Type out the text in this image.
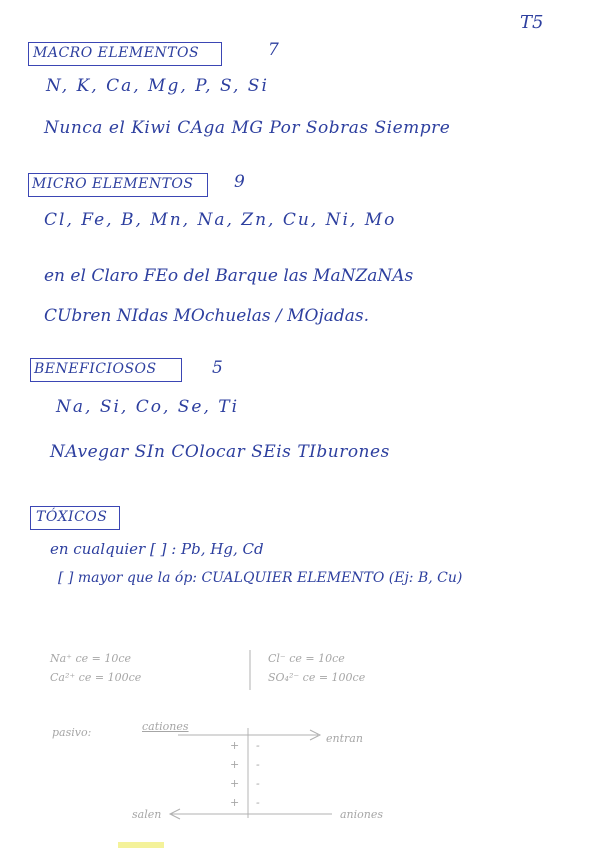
T5
MACRO ELEMENTOS	7
N, K, Ca, Mg, P, S, Si
Nunca el Kiwi CAga MG Por Sobras Siempre
MICRO ELEMENTOS 9
Cl, Fe, B, Mn, Na, Zn, Cu, Ni, Mo
en el Claro FEo del Barque las MaNZaNAs
CUbren NIdas MOchuelas / MOjadas.
BENEFICIOSOS	5
Na, Si, Co, Se, Ti
NAvegar SIn COlocar SEis TIburones
TÓXICOS
en cualquier [ ] : Pb, Hg, Cd
[ ] mayor que la óp: CUALQUIER ELEMENTO (Ej: B, Cu)
Na⁺ ce = 10ce
Ca²⁺ ce = 100ce
Cl⁻ ce = 10ce
SO₄²⁻ ce = 100ce
pasivo:	cationes
entran
salen	aniones
+
+
+
+
-
-
-
-
